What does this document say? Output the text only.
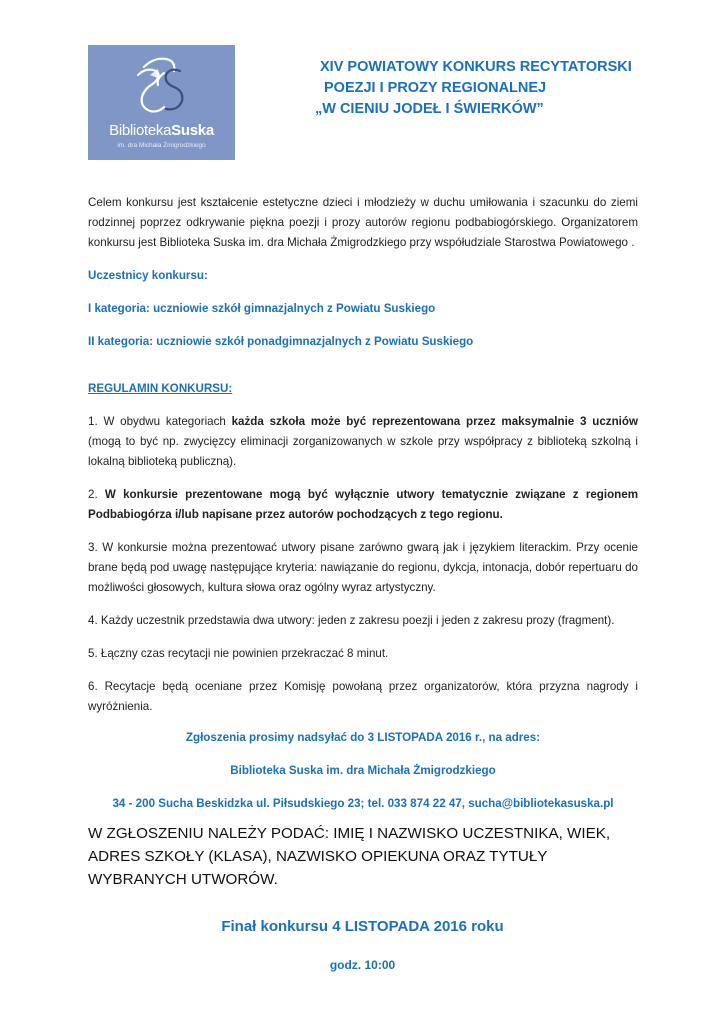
BibliotekaSuska
im. dra Michała Żmigrodzkiego
XIV POWIATOWY KONKURS RECYTATORSKI
POEZJI I PROZY REGIONALNEJ
„W CIENIU JODEŁ I ŚWIERKÓW”

Celem konkursu jest kształcenie estetyczne dzieci i młodzieży w duchu umiłowania i szacunku do ziemi rodzinnej poprzez odkrywanie piękna poezji i prozy autorów regionu podbabiogórskiego. Organizatorem konkursu jest Biblioteka Suska im. dra Michała Żmigrodzkiego przy współudziale Starostwa Powiatowego .

Uczestnicy konkursu:

I kategoria: uczniowie szkół gimnazjalnych z Powiatu Suskiego

II kategoria: uczniowie szkół ponadgimnazjalnych z Powiatu Suskiego

REGULAMIN KONKURSU:

1. W obydwu kategoriach każda szkoła może być reprezentowana przez maksymalnie 3 uczniów (mogą to być np. zwycięzcy eliminacji zorganizowanych w szkole przy współpracy z biblioteką szkolną i lokalną biblioteką publiczną).

2. W konkursie prezentowane mogą być wyłącznie utwory tematycznie związane z regionem Podbabiogórza i/lub napisane przez autorów pochodzących z tego regionu.

3. W konkursie można prezentować utwory pisane zarówno gwarą jak i językiem literackim. Przy ocenie brane będą pod uwagę następujące kryteria: nawiązanie do regionu, dykcja, intonacja, dobór repertuaru do możliwości głosowych, kultura słowa oraz ogólny wyraz artystyczny.

4. Każdy uczestnik przedstawia dwa utwory: jeden z zakresu poezji i jeden z zakresu prozy (fragment).

5. Łączny czas recytacji nie powinien przekraczać 8 minut.

6. Recytacje będą oceniane przez Komisję powołaną przez organizatorów, która przyzna nagrody i wyróżnienia.

Zgłoszenia prosimy nadsyłać do 3 LISTOPADA 2016 r., na adres:

Biblioteka Suska im. dra Michała Żmigrodzkiego

34 - 200 Sucha Beskidzka ul. Piłsudskiego 23; tel. 033 874 22 47, sucha@bibliotekasuska.pl

W ZGŁOSZENIU NALEŻY PODAĆ: IMIĘ I NAZWISKO UCZESTNIKA, WIEK, ADRES SZKOŁY (KLASA), NAZWISKO OPIEKUNA ORAZ TYTUŁY WYBRANYCH UTWORÓW.
Finał konkursu 4 LISTOPADA 2016 roku
godz. 10:00
